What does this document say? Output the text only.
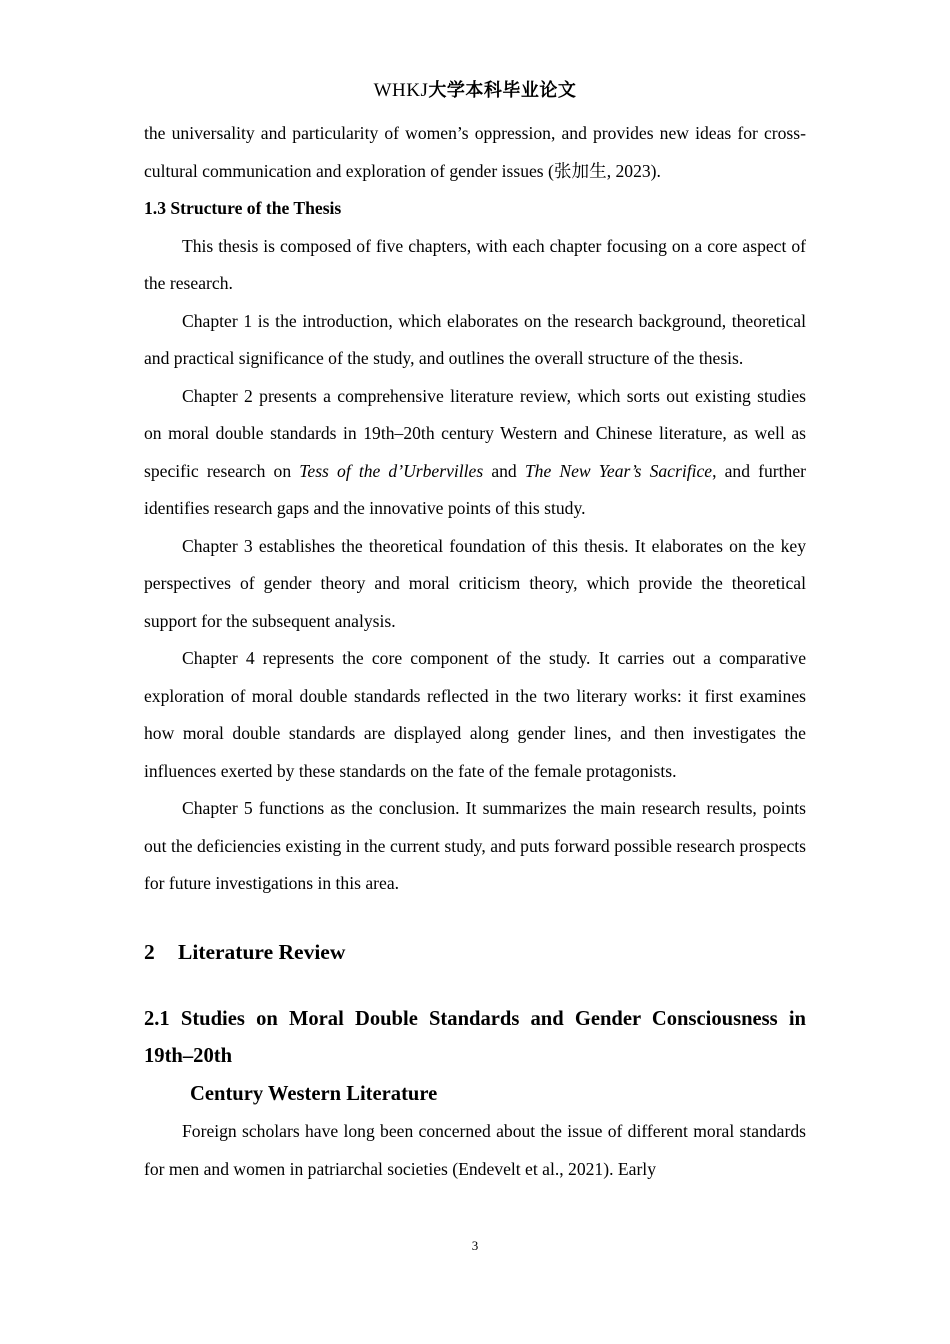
WHKJ大学本科毕业论文

the universality and particularity of women’s oppression, and provides new ideas for cross-cultural communication and exploration of gender issues (张加生, 2023).

1.3 Structure of the Thesis

This thesis is composed of five chapters, with each chapter focusing on a core aspect of the research.

Chapter 1 is the introduction, which elaborates on the research background, theoretical and practical significance of the study, and outlines the overall structure of the thesis.

Chapter 2 presents a comprehensive literature review, which sorts out existing studies on moral double standards in 19th–20th century Western and Chinese literature, as well as specific research on Tess of the d’Urbervilles and The New Year’s Sacrifice, and further identifies research gaps and the innovative points of this study.

Chapter 3 establishes the theoretical foundation of this thesis. It elaborates on the key perspectives of gender theory and moral criticism theory, which provide the theoretical support for the subsequent analysis.

Chapter 4 represents the core component of the study. It carries out a comparative exploration of moral double standards reflected in the two literary works: it first examines how moral double standards are displayed along gender lines, and then investigates the influences exerted by these standards on the fate of the female protagonists.

Chapter 5 functions as the conclusion. It summarizes the main research results, points out the deficiencies existing in the current study, and puts forward possible research prospects for future investigations in this area.

2 Literature Review
2.1 Studies on Moral Double Standards and Gender Consciousness in 19th–20th
Century Western Literature

Foreign scholars have long been concerned about the issue of different moral standards for men and women in patriarchal societies (Endevelt et al., 2021). Early

3
